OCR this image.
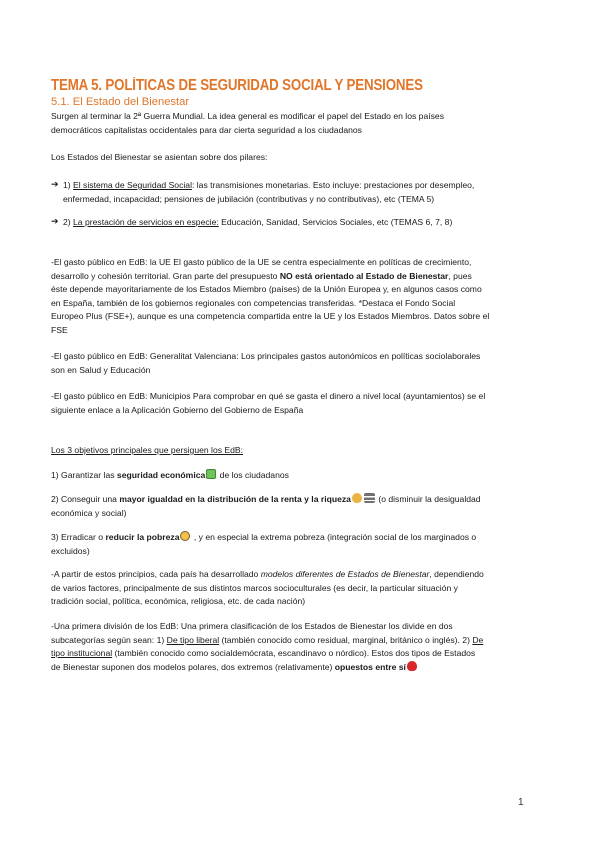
TEMA 5. POLÍTICAS DE SEGURIDAD SOCIAL Y PENSIONES
5.1. El Estado del Bienestar
Surgen al terminar la 2ª Guerra Mundial. La idea general es modificar el papel del Estado en los países
democráticos capitalistas occidentales para dar cierta seguridad a los ciudadanos
Los Estados del Bienestar se asientan sobre dos pilares:
➔ 1) El sistema de Seguridad Social: las transmisiones monetarias. Esto incluye: prestaciones por desempleo,
enfermedad, incapacidad; pensiones de jubilación (contributivas y no contributivas), etc (TEMA 5)
➔ 2) La prestación de servicios en especie: Educación, Sanidad, Servicios Sociales, etc (TEMAS 6, 7, 8)
-El gasto público en EdB: la UE El gasto público de la UE se centra especialmente en políticas de crecimiento,
desarrollo y cohesión territorial. Gran parte del presupuesto NO está orientado al Estado de Bienestar, pues
éste depende mayoritariamente de los Estados Miembro (países) de la Unión Europea y, en algunos casos como
en España, también de los gobiernos regionales con competencias transferidas. *Destaca el Fondo Social
Europeo Plus (FSE+), aunque es una competencia compartida entre la UE y los Estados Miembros. Datos sobre el
FSE
-El gasto público en EdB: Generalitat Valenciana: Los principales gastos autonómicos en políticas sociolaborales
son en Salud y Educación
-El gasto público en EdB: Municipios Para comprobar en qué se gasta el dinero a nivel local (ayuntamientos) se el
siguiente enlace a la Aplicación Gobierno del Gobierno de España
Los 3 objetivos principales que persiguen los EdB:
1) Garantizar las seguridad económica de los ciudadanos
2) Conseguir una mayor igualdad en la distribución de la renta y la riqueza	(o disminuir la desigualdad
económica y social)
3) Erradicar o reducir la pobreza , y en especial la extrema pobreza (integración social de los marginados o
excluidos)
-A partir de estos principios, cada país ha desarrollado modelos diferentes de Estados de Bienestar, dependiendo
de varios factores, principalmente de sus distintos marcos socioculturales (es decir, la particular situación y
tradición social, política, económica, religiosa, etc. de cada nación)
-Una primera división de los EdB: Una primera clasificación de los Estados de Bienestar los divide en dos
subcategorías según sean: 1) De tipo liberal (también conocido como residual, marginal, británico o inglés). 2) De
tipo institucional (también conocido como socialdemócrata, escandinavo o nórdico). Estos dos tipos de Estados
de Bienestar suponen dos modelos polares, dos extremos (relativamente) opuestos entre sí
1
